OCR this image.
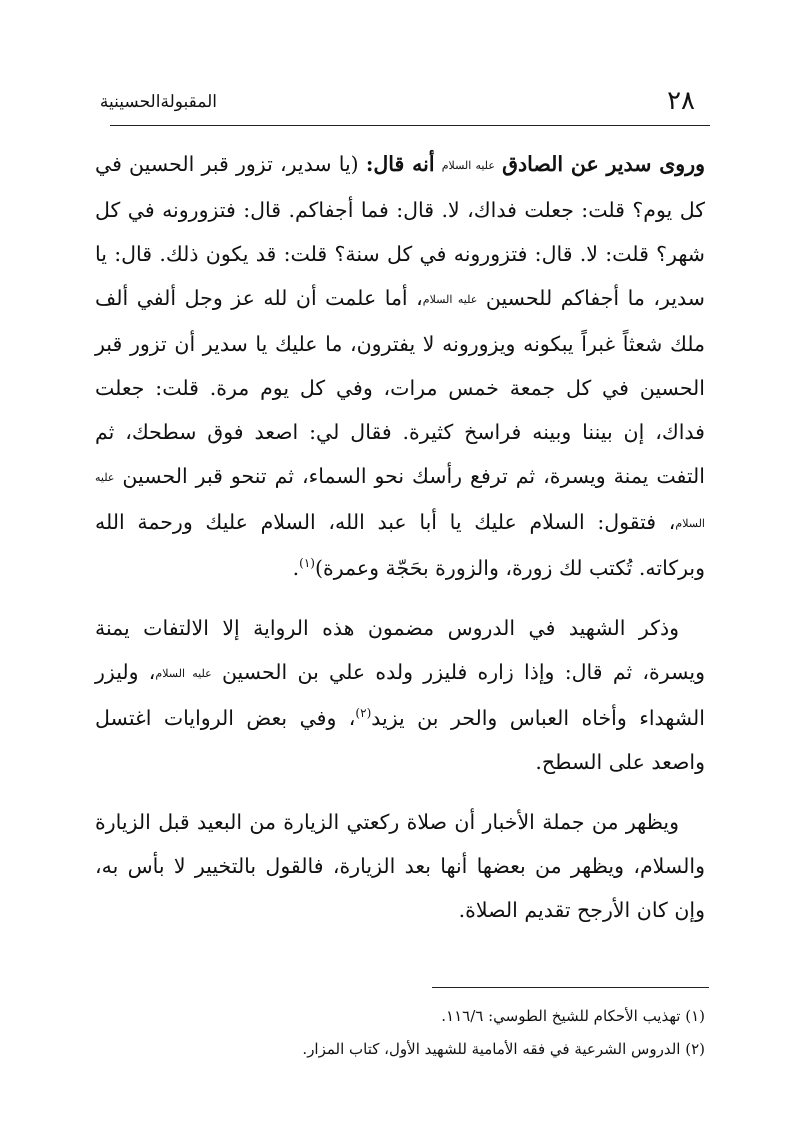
المقبولةالحسينية	٢٨

وروى سدير عن الصادق عليه السلام أنه قال: (يا سدير، تزور قبر الحسين في كل يوم؟ قلت: جعلت فداك، لا. قال: فما أجفاكم. قال: فتزورونه في كل شهر؟ قلت: لا. قال: فتزورونه في كل سنة؟ قلت: قد يكون ذلك. قال: يا سدير، ما أجفاكم للحسين عليه السلام، أما علمت أن لله عز وجل ألفي ألف ملك شعثاً غبراً يبكونه ويزورونه لا يفترون، ما عليك يا سدير أن تزور قبر الحسين في كل جمعة خمس مرات، وفي كل يوم مرة. قلت: جعلت فداك، إن بيننا وبينه فراسخ كثيرة. فقال لي: اصعد فوق سطحك، ثم التفت يمنة ويسرة، ثم ترفع رأسك نحو السماء، ثم تنحو قبر الحسين عليه السلام، فتقول: السلام عليك يا أبا عبد الله، السلام عليك ورحمة الله وبركاته. تُكتب لك زورة، والزورة بحَجّة وعمرة)$^{(١)}$.

وذكر الشهيد في الدروس مضمون هذه الرواية إلا الالتفات يمنة ويسرة، ثم قال: وإذا زاره فليزر ولده علي بن الحسين عليه السلام، وليزر الشهداء وأخاه العباس والحر بن يزيد$^{(٢)}$، وفي بعض الروايات اغتسل واصعد على السطح.

ويظهر من جملة الأخبار أن صلاة ركعتي الزيارة من البعيد قبل الزيارة والسلام، ويظهر من بعضها أنها بعد الزيارة، فالقول بالتخيير لا بأس به، وإن كان الأرجح تقديم الصلاة.

(١) تهذيب الأحكام للشيخ الطوسي: ١١٦/٦.

(٢) الدروس الشرعية في فقه الأمامية للشهيد الأول، كتاب المزار.
